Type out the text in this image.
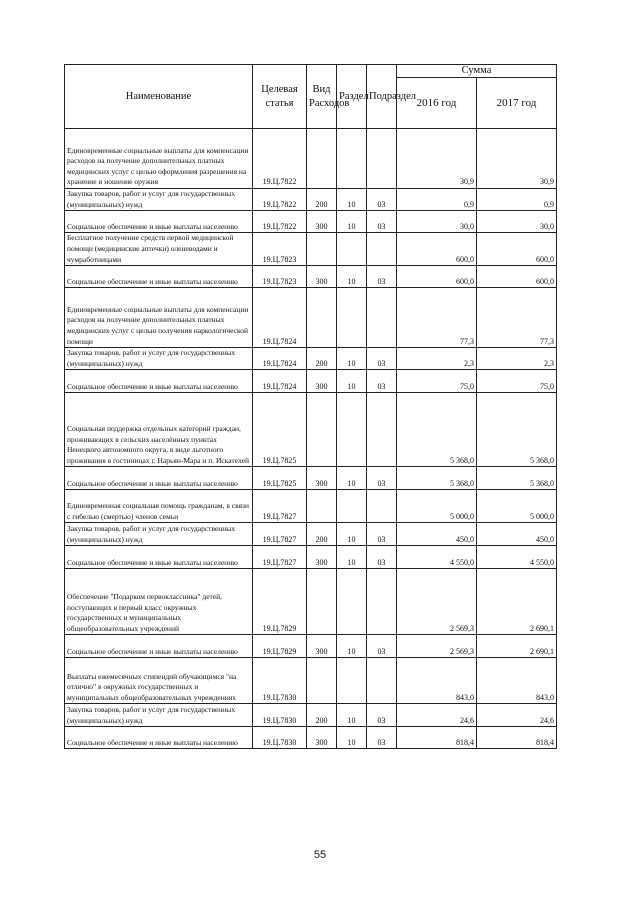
Наименование	Целевая статья	Вид Расходов	Раздел	Подраздел	Сумма	
					2016 год	2017 год
Единовременные социальные выплаты для компенсации расходов на получение дополнительных платных медицинских услуг с целью оформления разрешения на хранение и ношение оружия	19.Ц.7822				30,9	30,9
Закупка товаров, работ и услуг для государственных (муниципальных) нужд	19.Ц.7822	200	10	03	0,9	0,9
Социальное обеспечение и иные выплаты населению	19.Ц.7822	300	10	03	30,0	30,0
Бесплатное получение средств первой медицинской помощи (медицинские аптечки) оленеводами и чумработницами	19.Ц.7823				600,0	600,0
Социальное обеспечение и иные выплаты населению	19.Ц.7823	300	10	03	600,0	600,0
Единовременные социальные выплаты для компенсации расходов на получение дополнительных платных медицинских услуг с целью получения наркологической помощи	19.Ц.7824				77,3	77,3
Закупка товаров, работ и услуг для государственных (муниципальных) нужд	19.Ц.7824	200	10	03	2,3	2,3
Социальное обеспечение и иные выплаты населению	19.Ц.7824	300	10	03	75,0	75,0
Социальная поддержка отдельных категорий граждан, проживающих в сельских населённых пунктах Ненецкого автономного округа, в виде льготного проживания в гостиницах г. Нарьян-Мара и п. Искателей	19.Ц.7825				5 368,0	5 368,0
Социальное обеспечение и иные выплаты населению	19.Ц.7825	300	10	03	5 368,0	5 368,0
Единовременная социальная помощь гражданам, в связи с гибелью (смертью) членов семьи	19.Ц.7827				5 000,0	5 000,0
Закупка товаров, работ и услуг для государственных (муниципальных) нужд	19.Ц.7827	200	10	03	450,0	450,0
Социальное обеспечение и иные выплаты населению	19.Ц.7827	300	10	03	4 550,0	4 550,0
Обеспечение "Подарком первоклассника" детей, поступающих в первый класс окружных государственных и муниципальных общеобразовательных учреждений	19.Ц.7829				2 569,3	2 690,1
Социальное обеспечение и иные выплаты населению	19.Ц.7829	300	10	03	2 569,3	2 690,1
Выплаты ежемесячных стипендий обучающимся "на отлично" в окружных государственных и муниципальных общеобразовательных учреждениях	19.Ц.7830				843,0	843,0
Закупка товаров, работ и услуг для государственных (муниципальных) нужд	19.Ц.7830	200	10	03	24,6	24,6
Социальное обеспечение и иные выплаты населению	19.Ц.7830	300	10	03	818,4	818,4
55
